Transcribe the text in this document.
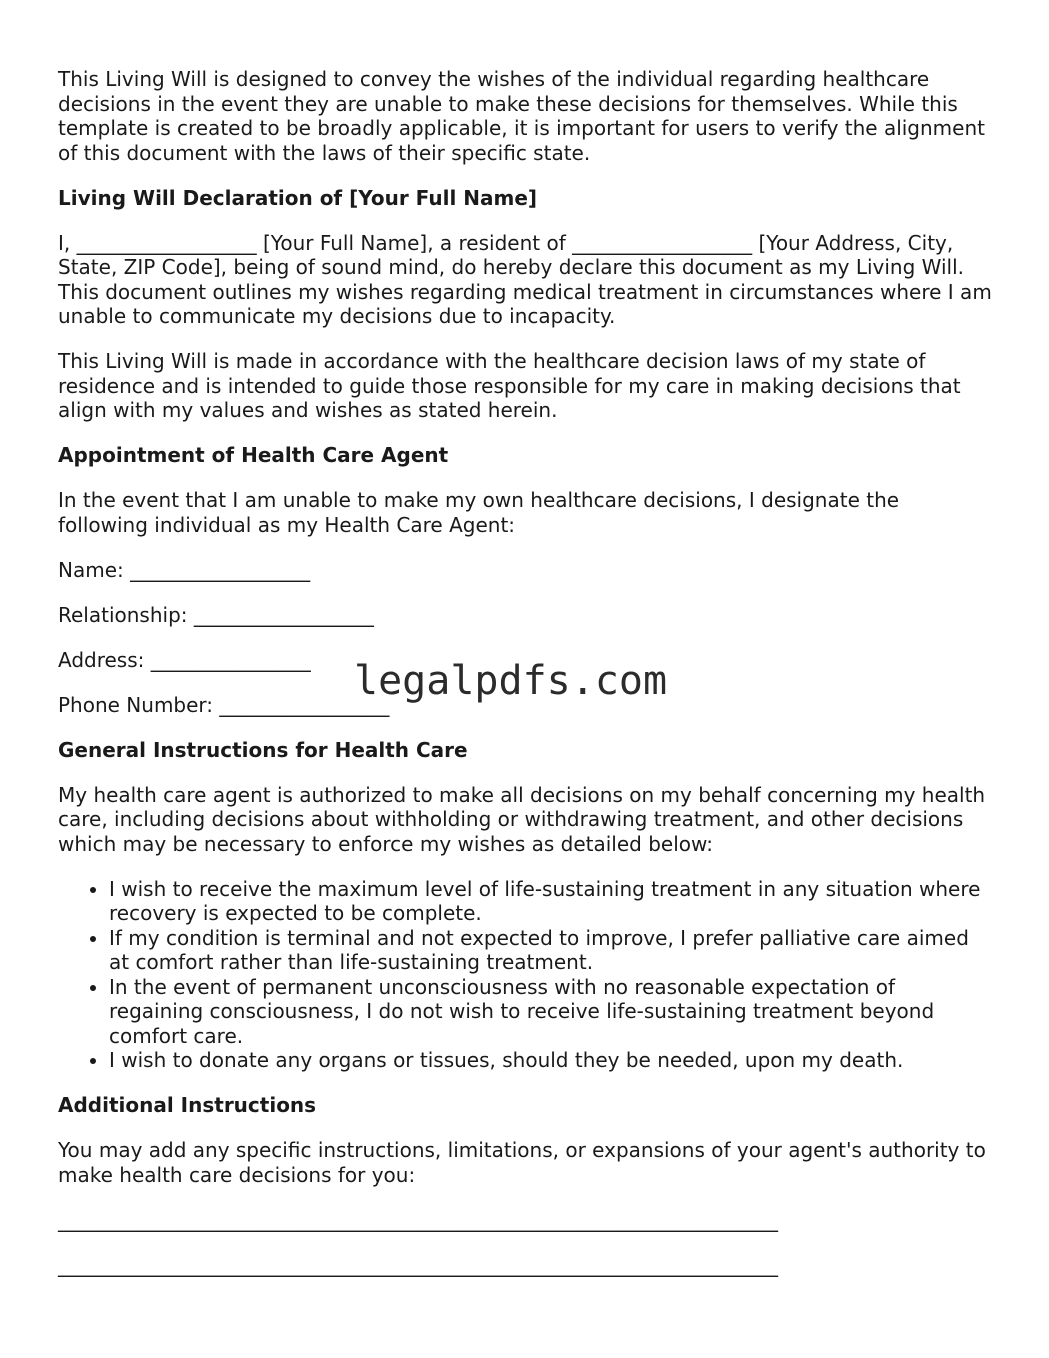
This Living Will is designed to convey the wishes of the individual regarding healthcare decisions in the event they are unable to make these decisions for themselves. While this template is created to be broadly applicable, it is important for users to verify the alignment of this document with the laws of their specific state.

Living Will Declaration of [Your Full Name]

I, __________________ [Your Full Name], a resident of __________________ [Your Address, City, State, ZIP Code], being of sound mind, do hereby declare this document as my Living Will. This document outlines my wishes regarding medical treatment in circumstances where I am unable to communicate my decisions due to incapacity.

This Living Will is made in accordance with the healthcare decision laws of my state of residence and is intended to guide those responsible for my care in making decisions that align with my values and wishes as stated herein.

Appointment of Health Care Agent

In the event that I am unable to make my own healthcare decisions, I designate the following individual as my Health Care Agent:

Name: __________________

Relationship: __________________

Address: ________________

Phone Number: _________________

General Instructions for Health Care

My health care agent is authorized to make all decisions on my behalf concerning my health care, including decisions about withholding or withdrawing treatment, and other decisions which may be necessary to enforce my wishes as detailed below:

• I wish to receive the maximum level of life-sustaining treatment in any situation where recovery is expected to be complete.
• If my condition is terminal and not expected to improve, I prefer palliative care aimed at comfort rather than life-sustaining treatment.
• In the event of permanent unconsciousness with no reasonable expectation of regaining consciousness, I do not wish to receive life-sustaining treatment beyond comfort care.
• I wish to donate any organs or tissues, should they be needed, upon my death.
Additional Instructions

You may add any specific instructions, limitations, or expansions of your agent's authority to make health care decisions for you:

________________________________________________________________________
________________________________________________________________________
legalpdfs.com
